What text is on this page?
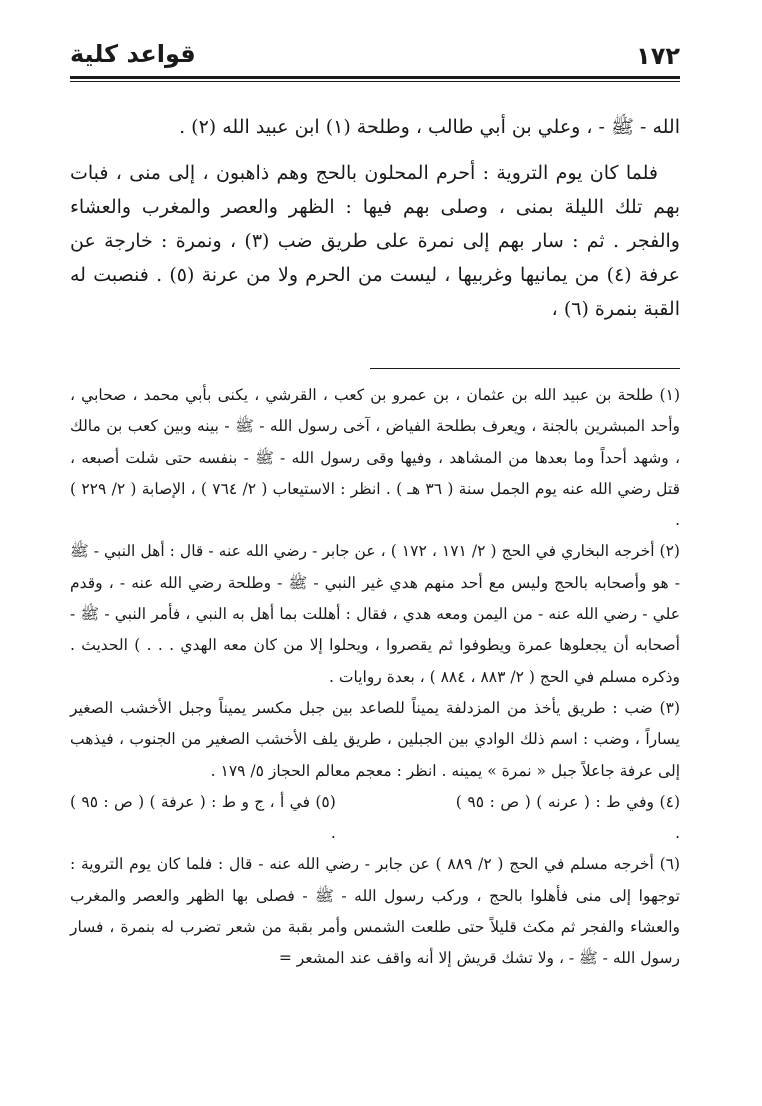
١٧٢
قواعد كلية

الله - ﷺ - ، وعلي بن أبي طالب ، وطلحة (١) ابن عبيد الله (٢) .

فلما كان يوم التروية : أحرم المحلون بالحج وهم ذاهبون ، إلى منى ، فبات بهم تلك الليلة بمنى ، وصلى بهم فيها : الظهر والعصر والمغرب والعشاء والفجر . ثم : سار بهم إلى نمرة على طريق ضب (٣) ، ونمرة : خارجة عن عرفة (٤) من يمانيها وغربيها ، ليست من الحرم ولا من عرنة (٥) . فنصبت له القبة بنمرة (٦) ،

(١) طلحة بن عبيد الله بن عثمان ، بن عمرو بن كعب ، القرشي ، يكنى بأبي محمد ، صحابي ، وأحد المبشرين بالجنة ، ويعرف بطلحة الفياض ، آخى رسول الله - ﷺ - بينه وبين كعب بن مالك ، وشهد أحداً وما بعدها من المشاهد ، وفيها وقى رسول الله - ﷺ - بنفسه حتى شلت أصبعه ، قتل رضي الله عنه يوم الجمل سنة ( ٣٦ هـ ) . انظر : الاستيعاب ( ٢/ ٧٦٤ ) ، الإصابة ( ٢/ ٢٢٩ ) .

(٢) أخرجه البخاري في الحج ( ٢/ ١٧١ ، ١٧٢ ) ، عن جابر - رضي الله عنه - قال : أهل النبي - ﷺ - هو وأصحابه بالحج وليس مع أحد منهم هدي غير النبي - ﷺ - وطلحة رضي الله عنه - ، وقدم علي - رضي الله عنه - من اليمن ومعه هدي ، فقال : أهللت بما أهل به النبي ، فأمر النبي - ﷺ - أصحابه أن يجعلوها عمرة ويطوفوا ثم يقصروا ، ويحلوا إلا من كان معه الهدي . . . ) الحديث . وذكره مسلم في الحج ( ٢/ ٨٨٣ ، ٨٨٤ ) ، بعدة روايات .

(٣) ضب : طريق يأخذ من المزدلفة يميناً للصاعد بين جبل مكسر يميناً وجبل الأخشب الصغير يساراً ، وضب : اسم ذلك الوادي بين الجبلين ، طريق يلف الأخشب الصغير من الجنوب ، فيذهب إلى عرفة جاعلاً جبل « نمرة » يمينه . انظر : معجم معالم الحجاز ٥/ ١٧٩ .

(٤) وفي ط : ( عرنه ) ( ص : ٩٥ ) .
(٥) في أ ، ج و ط : ( عرفة ) ( ص : ٩٥ ) .

(٦) أخرجه مسلم في الحج ( ٢/ ٨٨٩ ) عن جابر - رضي الله عنه - قال : فلما كان يوم التروية : توجهوا إلى منى فأهلوا بالحج ، وركب رسول الله - ﷺ - فصلى بها الظهر والعصر والمغرب والعشاء والفجر ثم مكث قليلاً حتى طلعت الشمس وأمر بقبة من شعر تضرب له بنمرة ، فسار رسول الله - ﷺ - ، ولا تشك قريش إلا أنه واقف عند المشعر =
